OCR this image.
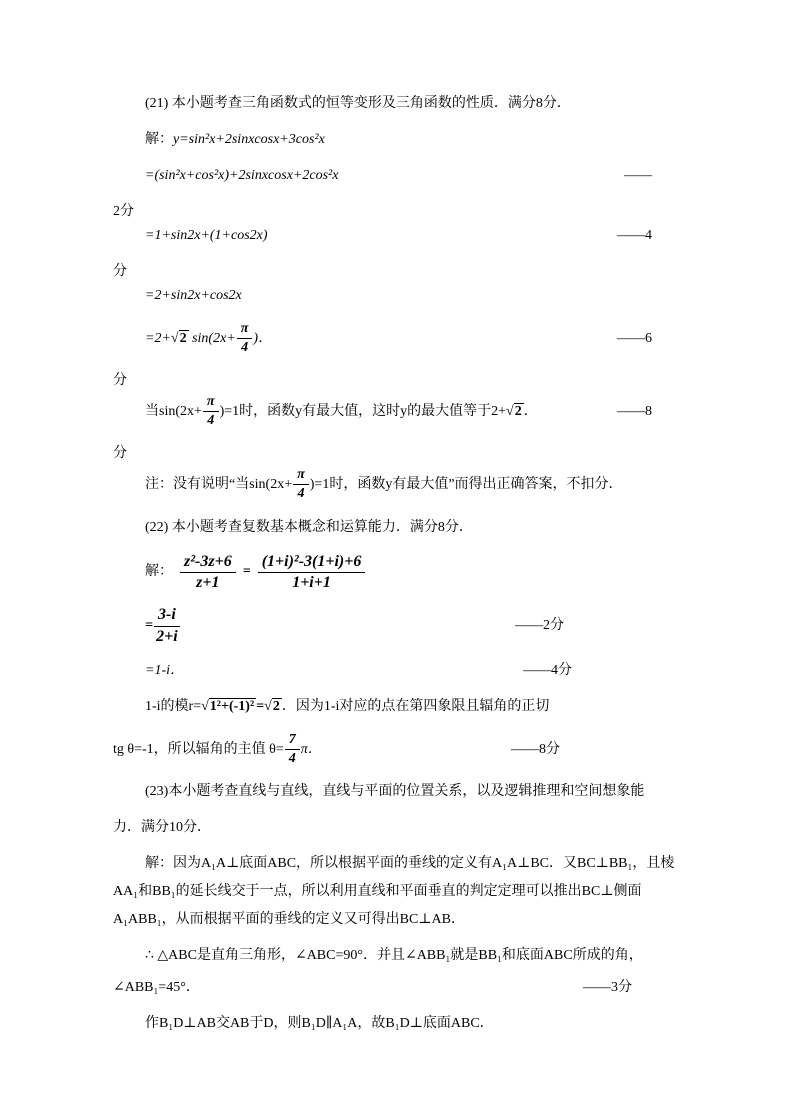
(21) 本小题考查三角函数式的恒等变形及三角函数的性质．满分8分．

解：y=sin²x+2sinxcosx+3cos²x

=(sin²x+cos²x)+2sinxcosx+2cos²x	——

2分

=1+sin2x+(1+cos2x)	——4

分

=2+sin2x+cos2x

=2+√2 $\sin(2x+ \frac{\pi}{4}$ )．	——6

分

当$\sin(2x+ \frac{\pi}{4} )=1$时，函数y有最大值，这时y的最大值等于2+√2 ．	——8

分

注：没有说明“当$\sin(2x+ \frac{\pi}{4} )=1$时，函数y有最大值”而得出正确答案，不扣分．

(22) 本小题考查复数基本概念和运算能力．满分8分．

解： $\frac{\text{z²-3z+6}}{z+1} = \frac{\text{(1+i)²-3(1+i)+6}}{1+i+1}$

= $\frac{3-i}{2+i}$	——2分

=1-i．	——4分

1-i的模r=√1²+(-1)² =√2 ．因为1-i对应的点在第四象限且辐角的正切

tg θ=-1，所以辐角的主值 $\theta= \frac{7}{4}$ π．	——8分

(23)本小题考查直线与直线，直线与平面的位置关系，以及逻辑推理和空间想象能

力．满分10分．

解：因为A₁A⊥底面ABC，所以根据平面的垂线的定义有A₁A⊥BC．又BC⊥BB₁，且棱

AA₁和BB₁的延长线交于一点，所以利用直线和平面垂直的判定定理可以推出BC⊥侧面

A₁ABB₁，从而根据平面的垂线的定义又可得出BC⊥AB．

∴ △ABC是直角三角形，∠ABC=90°．并且∠ABB₁就是BB₁和底面ABC所成的角，

∠ABB₁=45°．	——3分

作B₁D⊥AB交AB于D，则B₁D∥A₁A，故B₁D⊥底面ABC．
